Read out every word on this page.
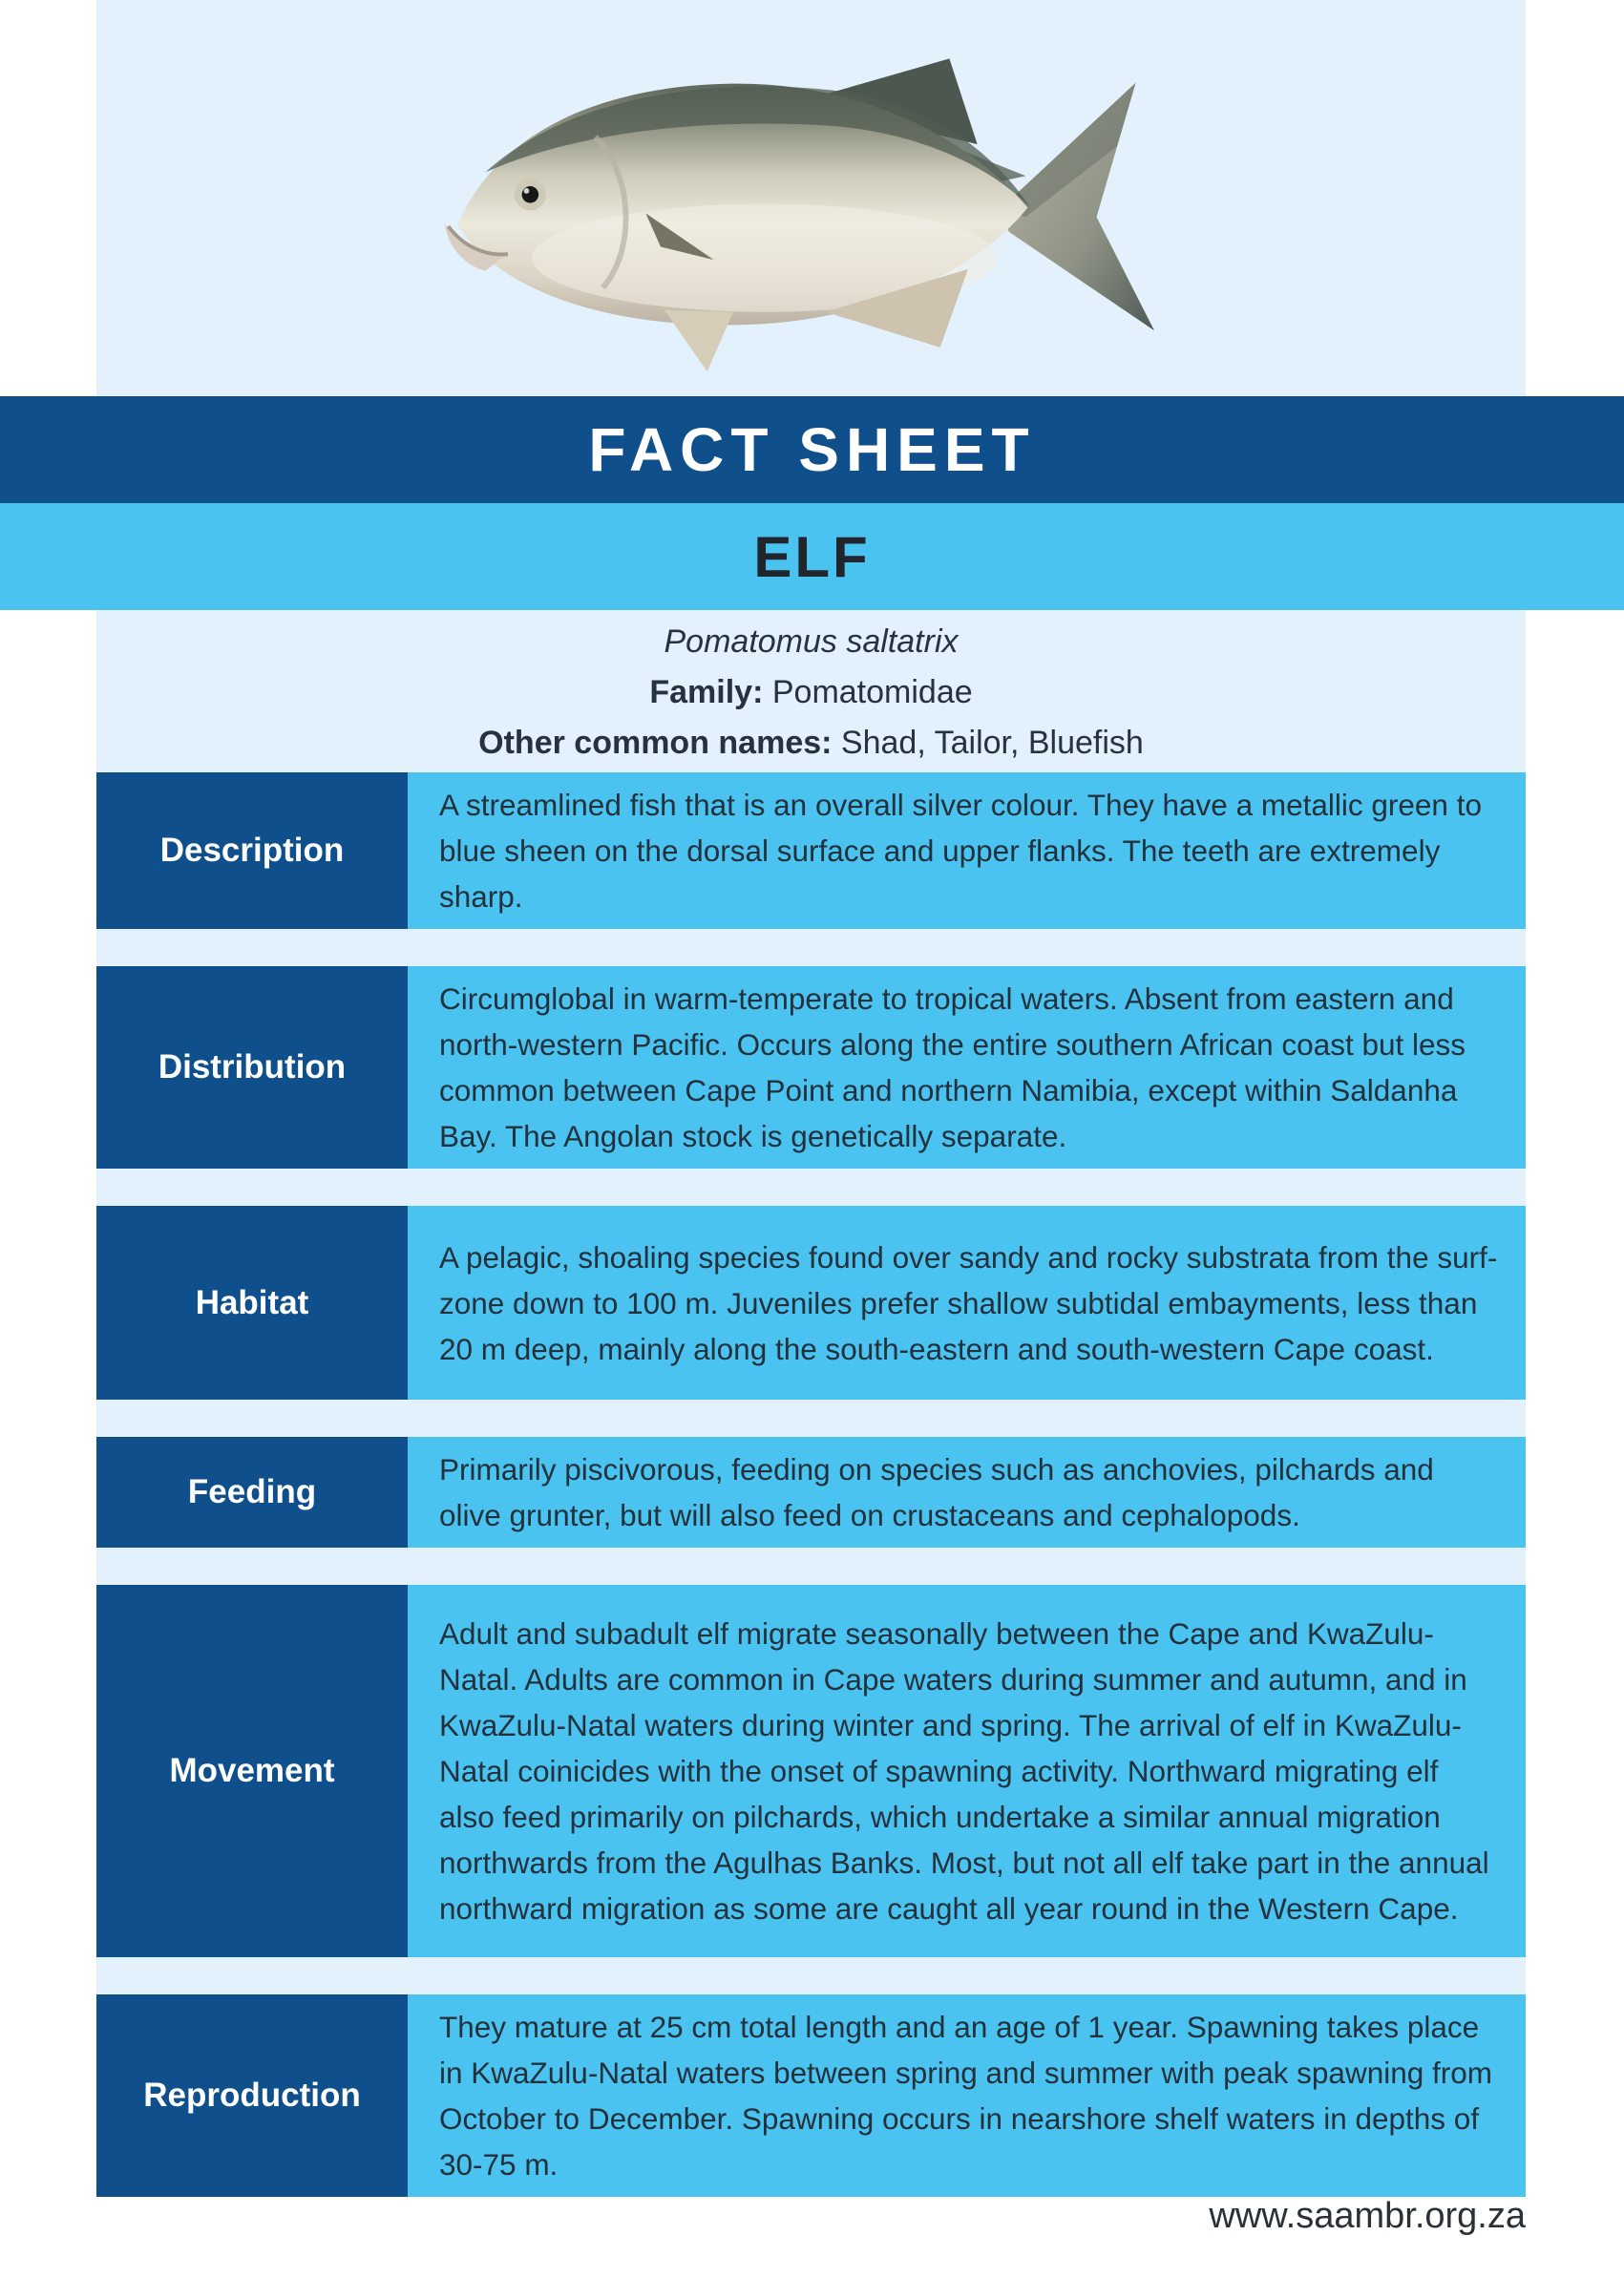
FACT SHEET
ELF

Pomatomus saltatrix

Family: Pomatomidae

Other common names: Shad, Tailor, Bluefish

Description

A streamlined fish that is an overall silver colour. They have a metallic green to blue sheen on the dorsal surface and upper flanks. The teeth are extremely sharp.

Distribution

Circumglobal in warm-temperate to tropical waters. Absent from eastern and north-western Pacific. Occurs along the entire southern African coast but less common between Cape Point and northern Namibia, except within Saldanha Bay. The Angolan stock is genetically separate.

Habitat

A pelagic, shoaling species found over sandy and rocky substrata from the surf-zone down to 100 m. Juveniles prefer shallow subtidal embayments, less than 20 m deep, mainly along the south-eastern and south-western Cape coast.

Feeding

Primarily piscivorous, feeding on species such as anchovies, pilchards and olive grunter, but will also feed on crustaceans and cephalopods.

Movement

Adult and subadult elf migrate seasonally between the Cape and KwaZulu-Natal. Adults are common in Cape waters during summer and autumn, and in KwaZulu-Natal waters during winter and spring. The arrival of elf in KwaZulu-Natal coinicides with the onset of spawning activity. Northward migrating elf also feed primarily on pilchards, which undertake a similar annual migration northwards from the Agulhas Banks. Most, but not all elf take part in the annual northward migration as some are caught all year round in the Western Cape.

Reproduction

They mature at 25 cm total length and an age of 1 year. Spawning takes place in KwaZulu-Natal waters between spring and summer with peak spawning from October to December. Spawning occurs in nearshore shelf waters in depths of 30-75 m.

www.saambr.org.za
